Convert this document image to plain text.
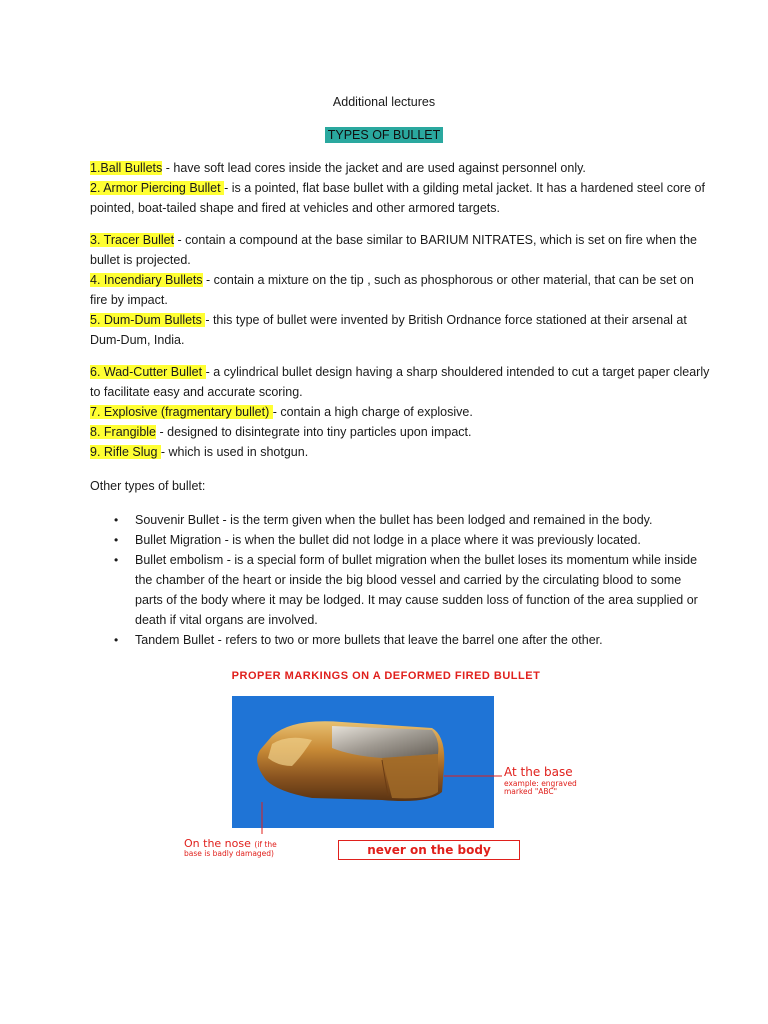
Additional lectures
TYPES OF BULLET

1.Ball Bullets - have soft lead cores inside the jacket and are used against personnel only.

2. Armor Piercing Bullet - is a pointed, flat base bullet with a gilding metal jacket. It has a hardened steel core of pointed, boat-tailed shape and fired at vehicles and other armored targets.

3. Tracer Bullet - contain a compound at the base similar to BARIUM NITRATES, which is set on fire when the bullet is projected.

4. Incendiary Bullets - contain a mixture on the tip , such as phosphorous or other material, that can be set on fire by impact.

5. Dum-Dum Bullets - this type of bullet were invented by British Ordnance force stationed at their arsenal at Dum-Dum, India.

6. Wad-Cutter Bullet - a cylindrical bullet design having a sharp shouldered intended to cut a target paper clearly to facilitate easy and accurate scoring.

7. Explosive (fragmentary bullet) - contain a high charge of explosive.

8. Frangible - designed to disintegrate into tiny particles upon impact.

9. Rifle Slug - which is used in shotgun.

Other types of bullet:
• Souvenir Bullet - is the term given when the bullet has been lodged and remained in the body.
• Bullet Migration - is when the bullet did not lodge in a place where it was previously located.
• Bullet embolism - is a special form of bullet migration when the bullet loses its momentum while inside the chamber of the heart or inside the big blood vessel and carried by the circulating blood to some parts of the body where it may be lodged. It may cause sudden loss of function of the area supplied or death if vital organs are involved.
• Tandem Bullet - refers to two or more bullets that leave the barrel one after the other.
PROPER MARKINGS ON A DEFORMED FIRED BULLET
At the base
example: engraved
marked "ABC"
On the nose (if the
base is badly damaged)	never on the body
